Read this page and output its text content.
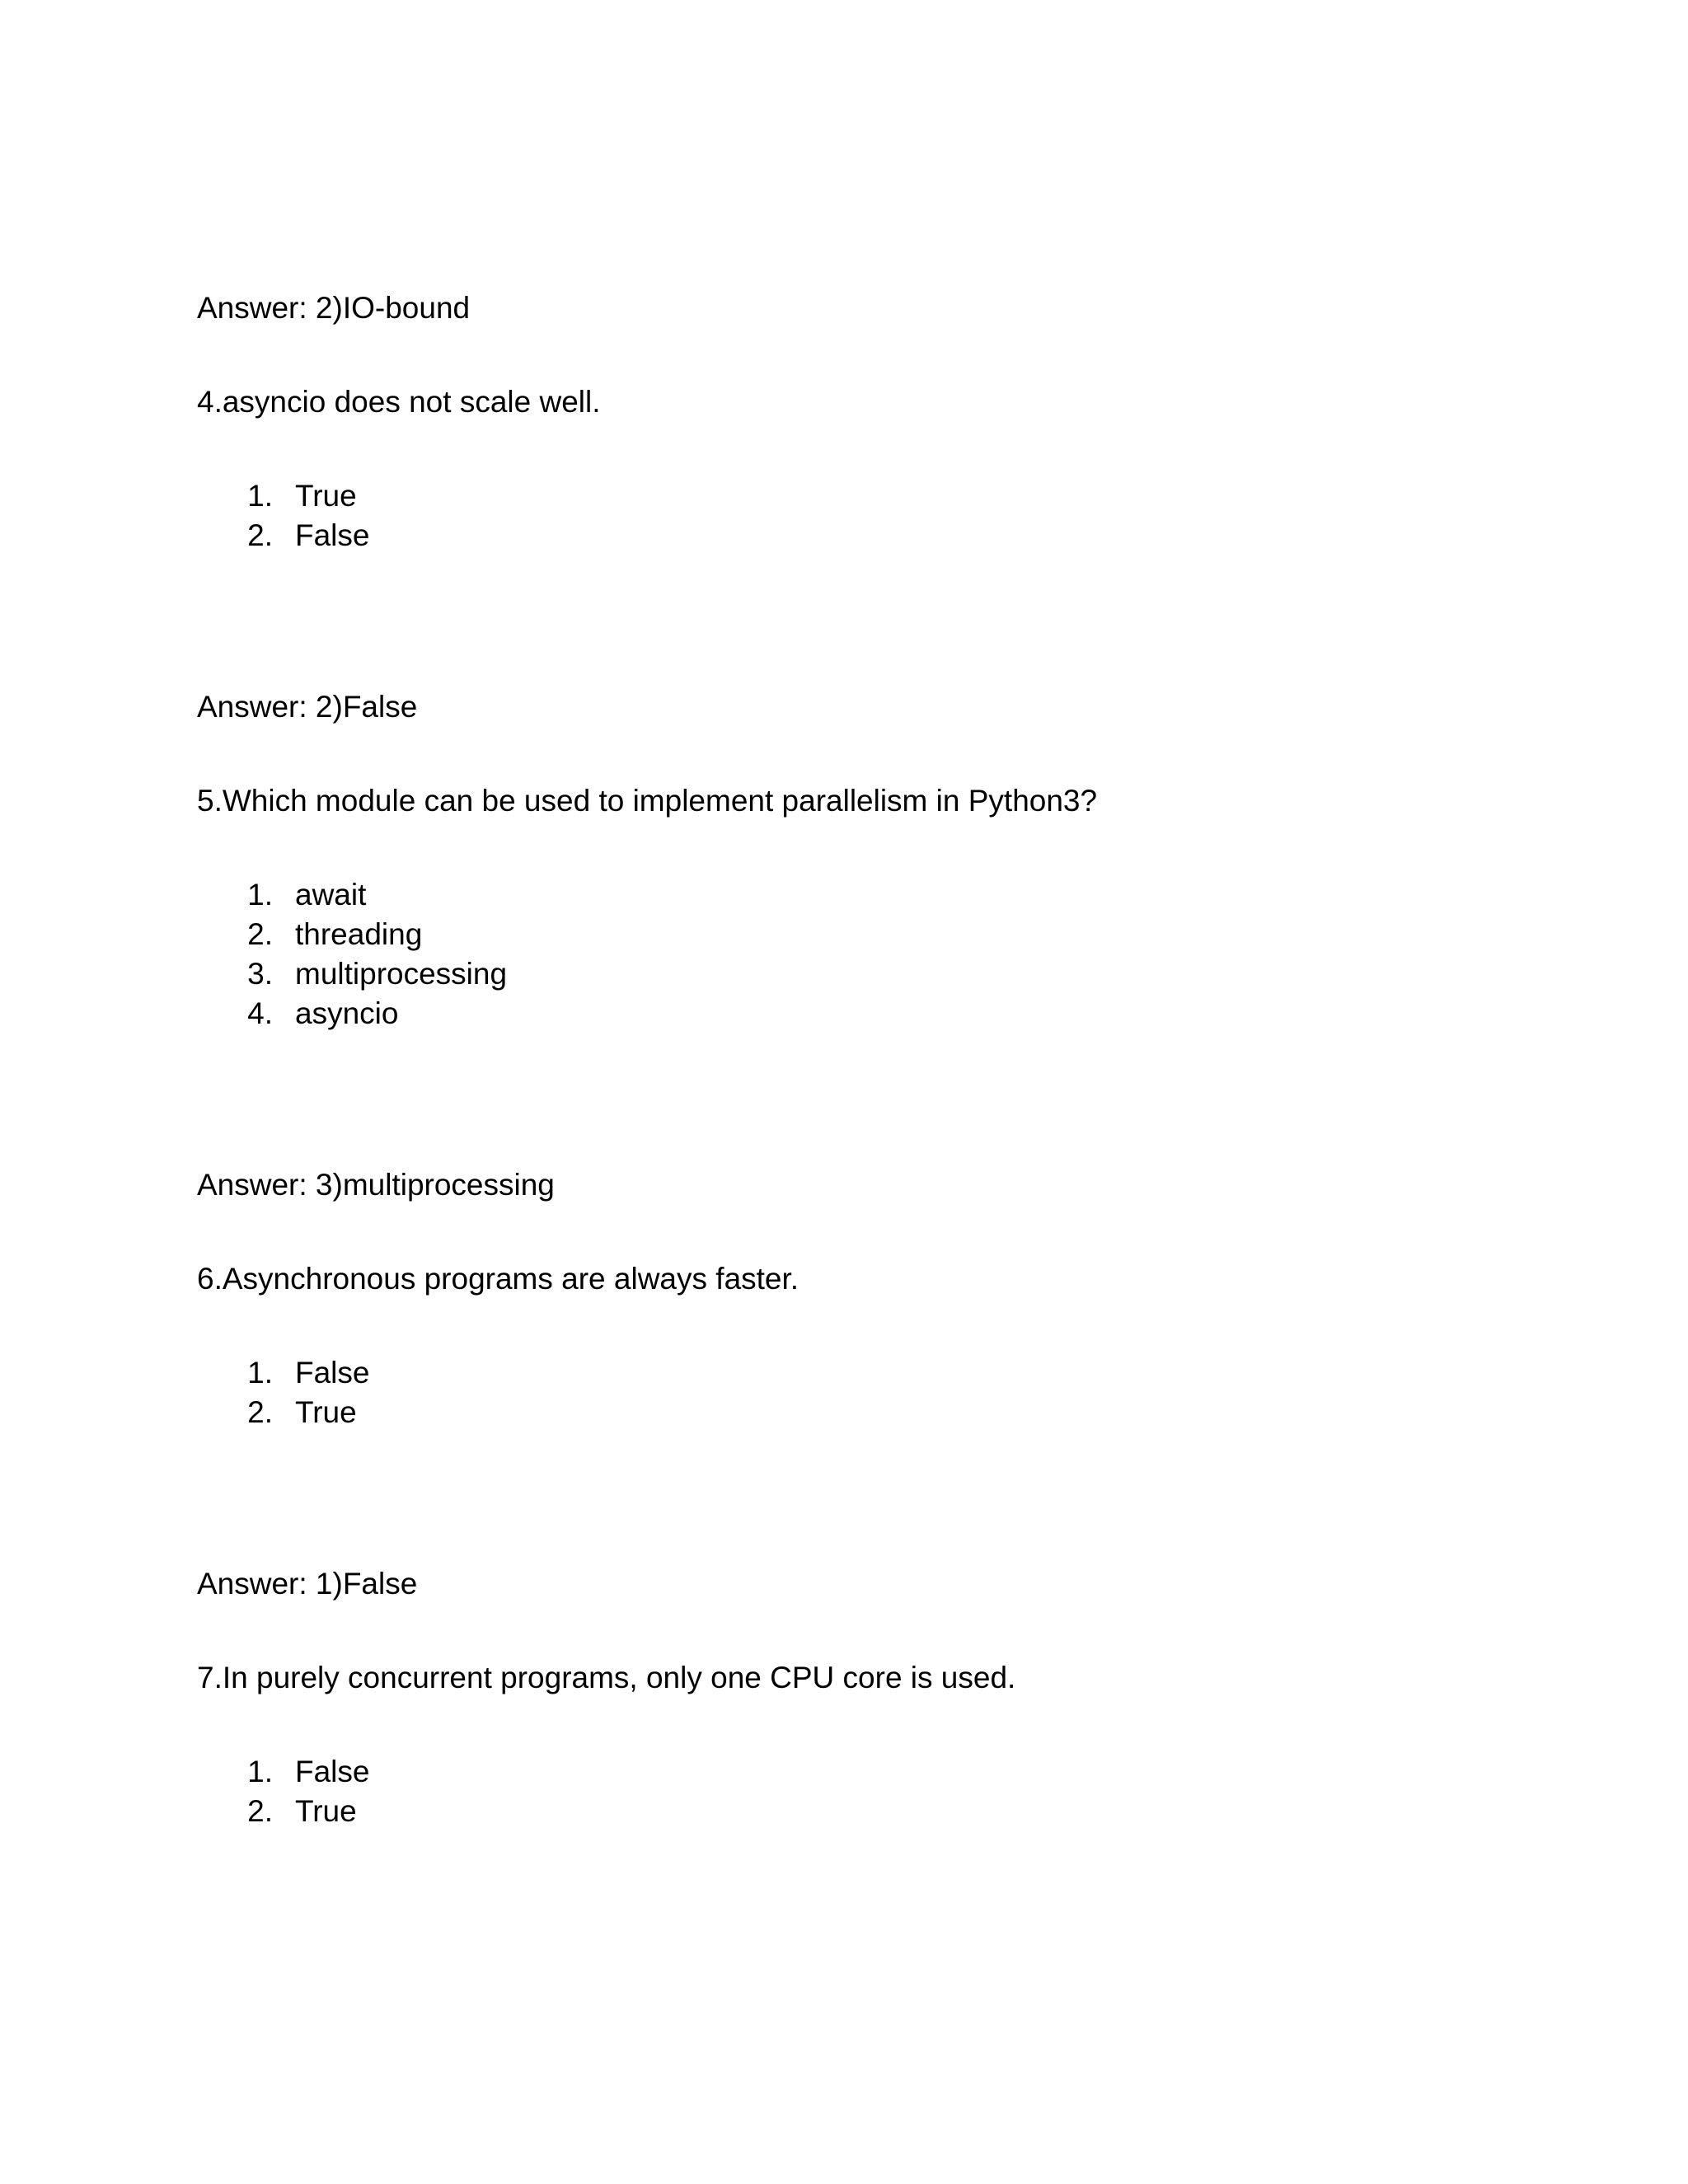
Answer: 2)IO-bound
4.asyncio does not scale well.
1. True
2. False
Answer: 2)False
5.Which module can be used to implement parallelism in Python3?
1. await
2. threading
3. multiprocessing
4. asyncio
Answer: 3)multiprocessing
6.Asynchronous programs are always faster.
1. False
2. True
Answer: 1)False
7.In purely concurrent programs, only one CPU core is used.
1. False
2. True
